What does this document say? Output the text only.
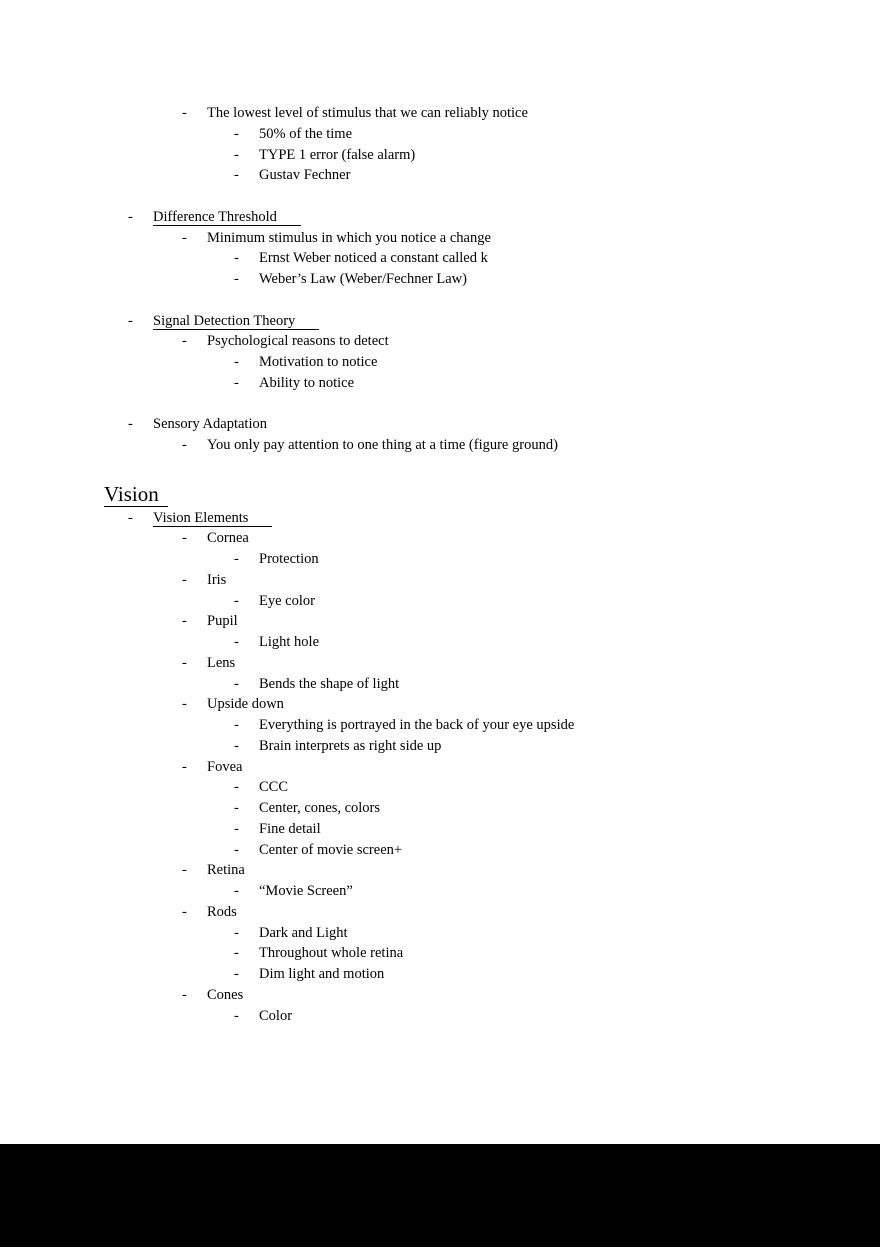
- The lowest level of stimulus that we can reliably notice
- 50% of the time
- TYPE 1 error (false alarm)
- Gustav Fechner
- Difference Threshold
- Minimum stimulus in which you notice a change
- Ernst Weber noticed a constant called k
- Weber’s Law (Weber/Fechner Law)
- Signal Detection Theory
- Psychological reasons to detect
- Motivation to notice
- Ability to notice
- Sensory Adaptation
- You only pay attention to one thing at a time (figure ground)
Vision
- Vision Elements
- Cornea
- Protection
- Iris
- Eye color
- Pupil
- Light hole
- Lens
- Bends the shape of light
- Upside down
- Everything is portrayed in the back of your eye upside
- Brain interprets as right side up
- Fovea
- CCC
- Center, cones, colors
- Fine detail
- Center of movie screen+
- Retina
- “Movie Screen”
- Rods
- Dark and Light
- Throughout whole retina
- Dim light and motion
- Cones
- Color
